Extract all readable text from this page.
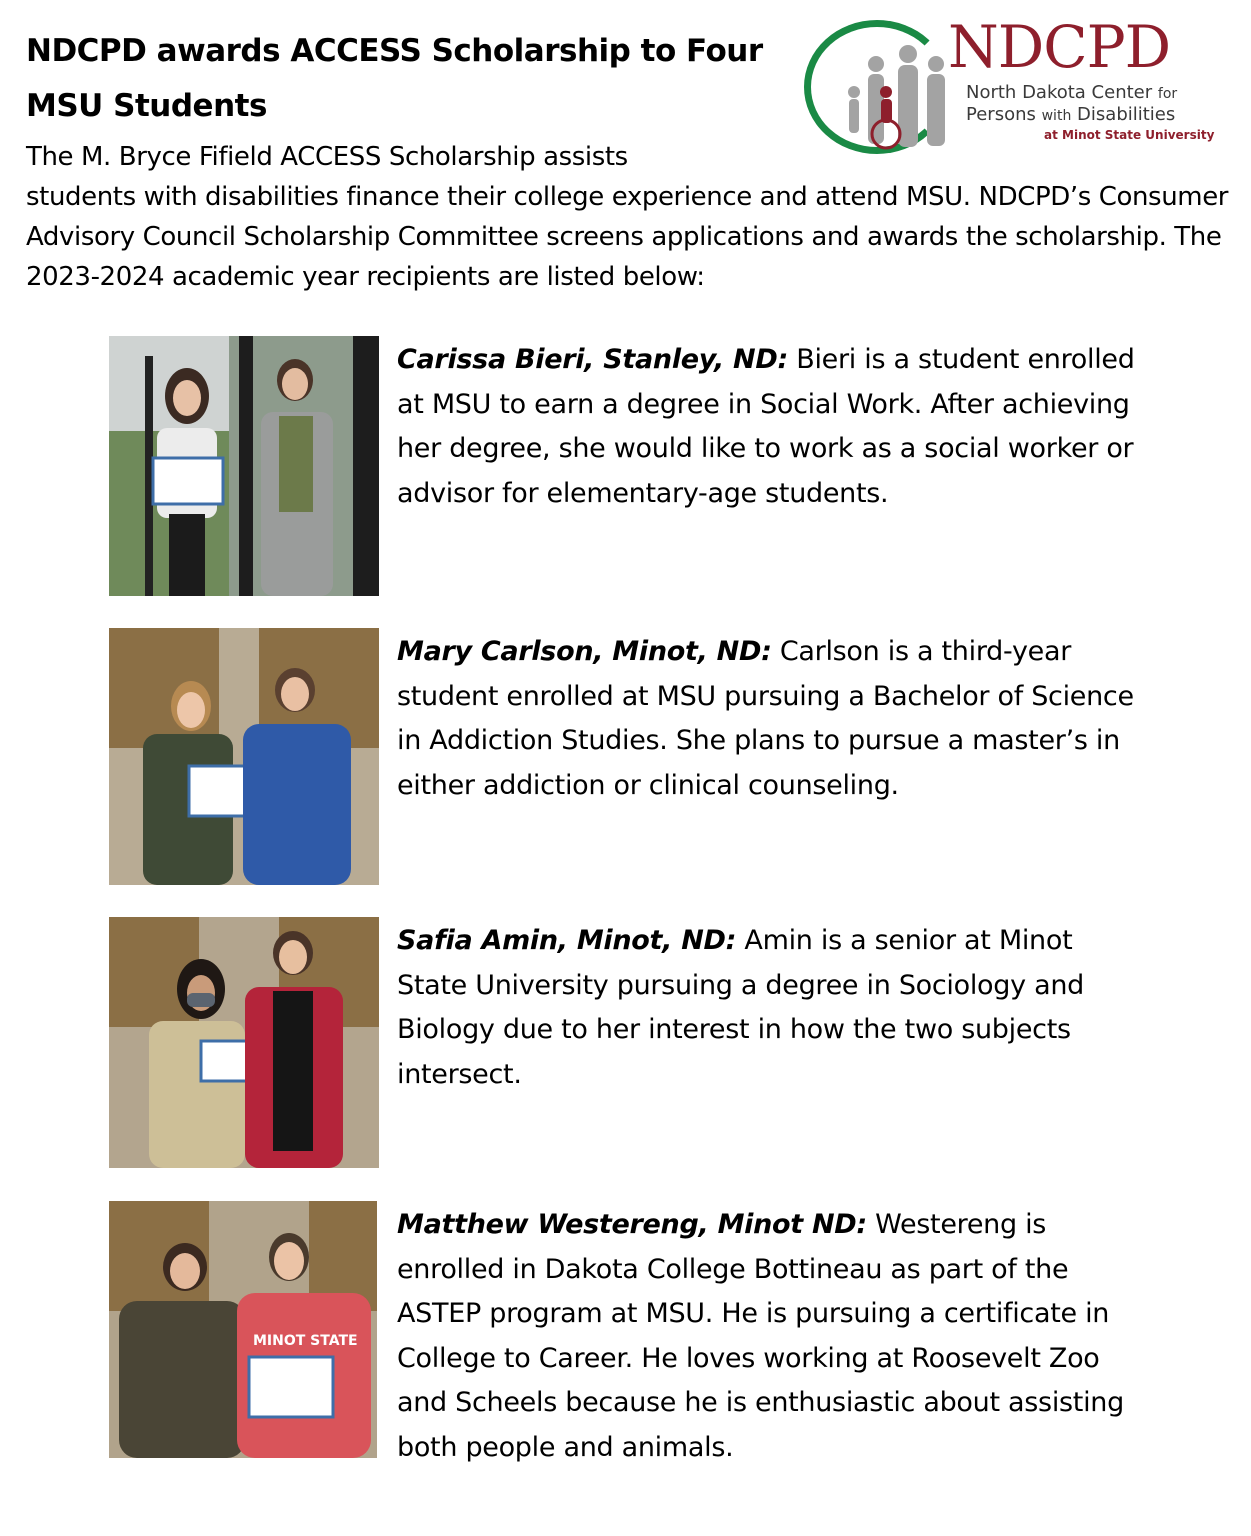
NDCPD awards ACCESS Scholarship to Four MSU Students
NDCPD
North Dakota Center for
Persons with Disabilities
at Minot State University

The M. Bryce Fifield ACCESS Scholarship assists

students with disabilities finance their college experience and attend MSU. NDCPD’s Consumer Advisory Council Scholarship Committee screens applications and awards the scholarship. The 2023-2024 academic year recipients are listed below:

Carissa Bieri, Stanley, ND: Bieri is a student enrolled at MSU to earn a degree in Social Work. After achieving her degree, she would like to work as a social worker or advisor for elementary-age students.

Mary Carlson, Minot, ND: Carlson is a third-year student enrolled at MSU pursuing a Bachelor of Science in Addiction Studies. She plans to pursue a master’s in either addiction or clinical counseling.

Safia Amin, Minot, ND: Amin is a senior at Minot State University pursuing a degree in Sociology and Biology due to her interest in how the two subjects intersect.

MINOT STATE

Matthew Westereng, Minot ND: Westereng is enrolled in Dakota College Bottineau as part of the ASTEP program at MSU. He is pursuing a certificate in College to Career. He loves working at Roosevelt Zoo and Scheels because he is enthusiastic about assisting both people and animals.
